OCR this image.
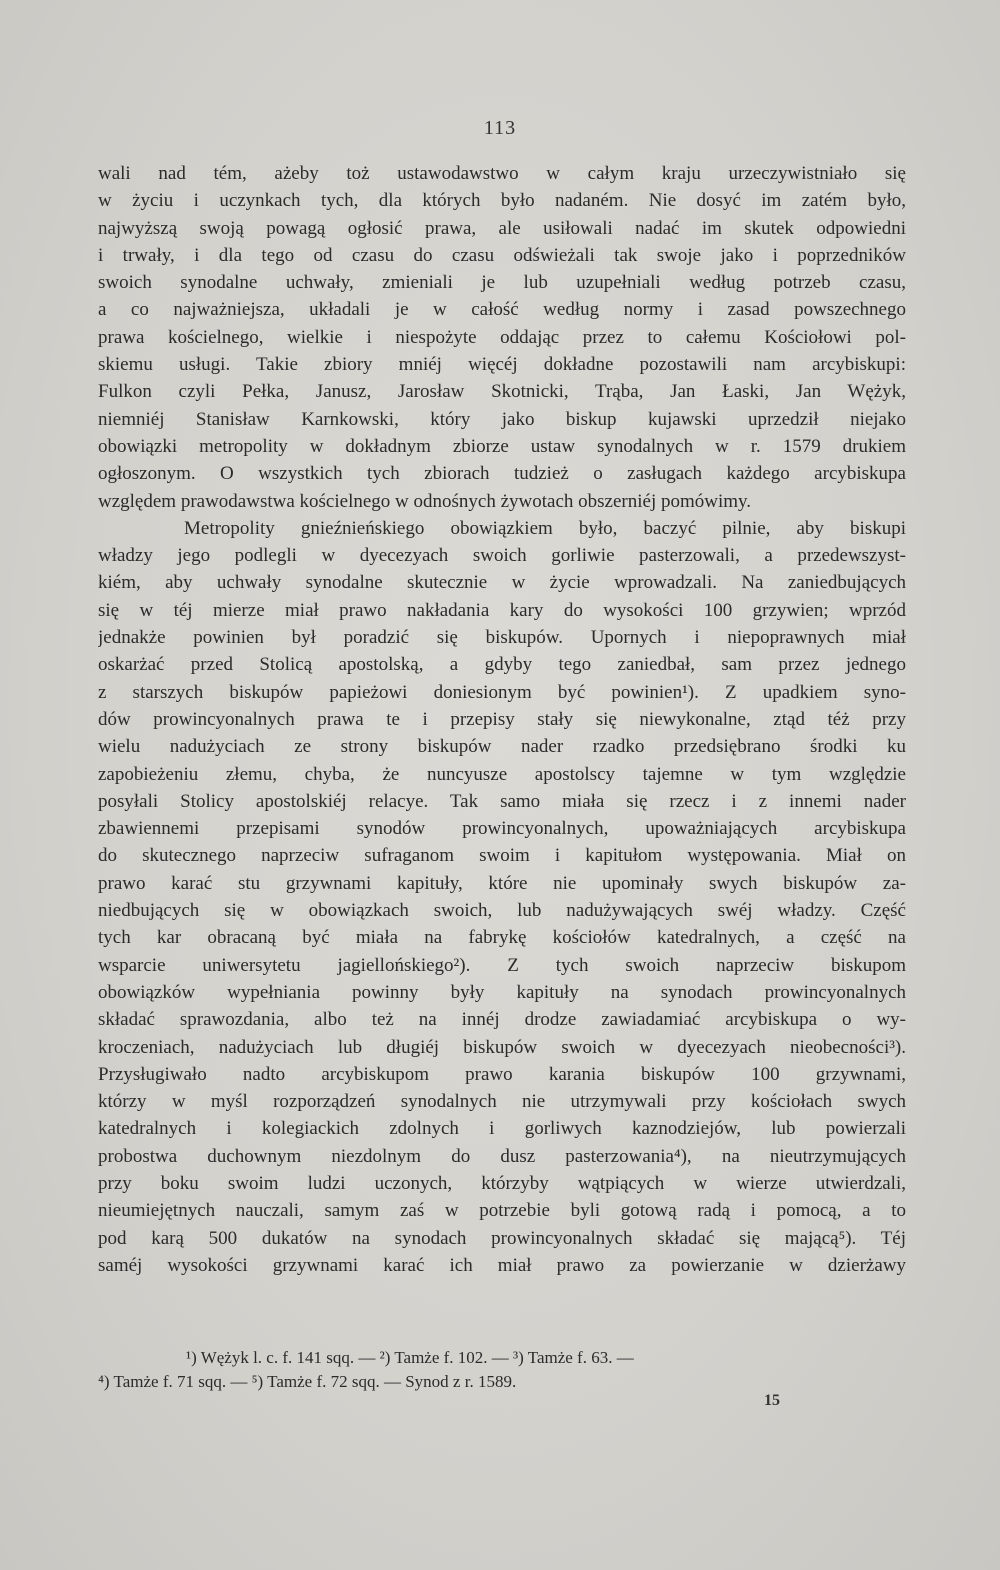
113
wali nad tém, ażeby toż ustawodawstwo w całym kraju urzeczywistniało się
w życiu i uczynkach tych, dla których było nadaném. Nie dosyć im zatém było,
najwyższą swoją powagą ogłosić prawa, ale usiłowali nadać im skutek odpowiedni
i trwały, i dla tego od czasu do czasu odświeżali tak swoje jako i poprzedników
swoich synodalne uchwały, zmieniali je lub uzupełniali według potrzeb czasu,
a co najważniejsza, układali je w całość według normy i zasad powszechnego
prawa kościelnego, wielkie i niespożyte oddając przez to całemu Kościołowi pol-
skiemu usługi. Takie zbiory mniéj więcéj dokładne pozostawili nam arcybiskupi:
Fulkon czyli Pełka, Janusz, Jarosław Skotnicki, Trąba, Jan Łaski, Jan Wężyk,
niemniéj Stanisław Karnkowski, który jako biskup kujawski uprzedził niejako
obowiązki metropolity w dokładnym zbiorze ustaw synodalnych w r. 1579 drukiem
ogłoszonym. O wszystkich tych zbiorach tudzież o zasługach każdego arcybiskupa
względem prawodawstwa kościelnego w odnośnych żywotach obszerniéj pomówimy.
Metropolity gnieźnieńskiego obowiązkiem było, baczyć pilnie, aby biskupi
władzy jego podlegli w dyecezyach swoich gorliwie pasterzowali, a przedewszyst-
kiém, aby uchwały synodalne skutecznie w życie wprowadzali. Na zaniedbujących
się w téj mierze miał prawo nakładania kary do wysokości 100 grzywien; wprzód
jednakże powinien był poradzić się biskupów. Upornych i niepoprawnych miał
oskarżać przed Stolicą apostolską, a gdyby tego zaniedbał, sam przez jednego
z starszych biskupów papieżowi doniesionym być powinien¹). Z upadkiem syno-
dów prowincyonalnych prawa te i przepisy stały się niewykonalne, ztąd téż przy
wielu nadużyciach ze strony biskupów nader rzadko przedsiębrano środki ku
zapobieżeniu złemu, chyba, że nuncyusze apostolscy tajemne w tym względzie
posyłali Stolicy apostolskiéj relacye. Tak samo miała się rzecz i z innemi nader
zbawiennemi przepisami synodów prowincyonalnych, upoważniających arcybiskupa
do skutecznego naprzeciw sufraganom swoim i kapitułom występowania. Miał on
prawo karać stu grzywnami kapituły, które nie upominały swych biskupów za-
niedbujących się w obowiązkach swoich, lub nadużywających swéj władzy. Część
tych kar obracaną być miała na fabrykę kościołów katedralnych, a część na
wsparcie uniwersytetu jagiellońskiego²). Z tych swoich naprzeciw biskupom
obowiązków wypełniania powinny były kapituły na synodach prowincyonalnych
składać sprawozdania, albo też na innéj drodze zawiadamiać arcybiskupa o wy-
kroczeniach, nadużyciach lub długiéj biskupów swoich w dyecezyach nieobecności³).
Przysługiwało nadto arcybiskupom prawo karania biskupów 100 grzywnami,
którzy w myśl rozporządzeń synodalnych nie utrzymywali przy kościołach swych
katedralnych i kolegiackich zdolnych i gorliwych kaznodziejów, lub powierzali
probostwa duchownym niezdolnym do dusz pasterzowania⁴), na nieutrzymujących
przy boku swoim ludzi uczonych, którzyby wątpiących w wierze utwierdzali,
nieumiejętnych nauczali, samym zaś w potrzebie byli gotową radą i pomocą, a to
pod karą 500 dukatów na synodach prowincyonalnych składać się mającą⁵). Téj
saméj wysokości grzywnami karać ich miał prawo za powierzanie w dzierżawy
¹) Wężyk l. c. f. 141 sqq. — ²) Tamże f. 102. — ³) Tamże f. 63. —
⁴) Tamże f. 71 sqq. — ⁵) Tamże f. 72 sqq. — Synod z r. 1589.
15
